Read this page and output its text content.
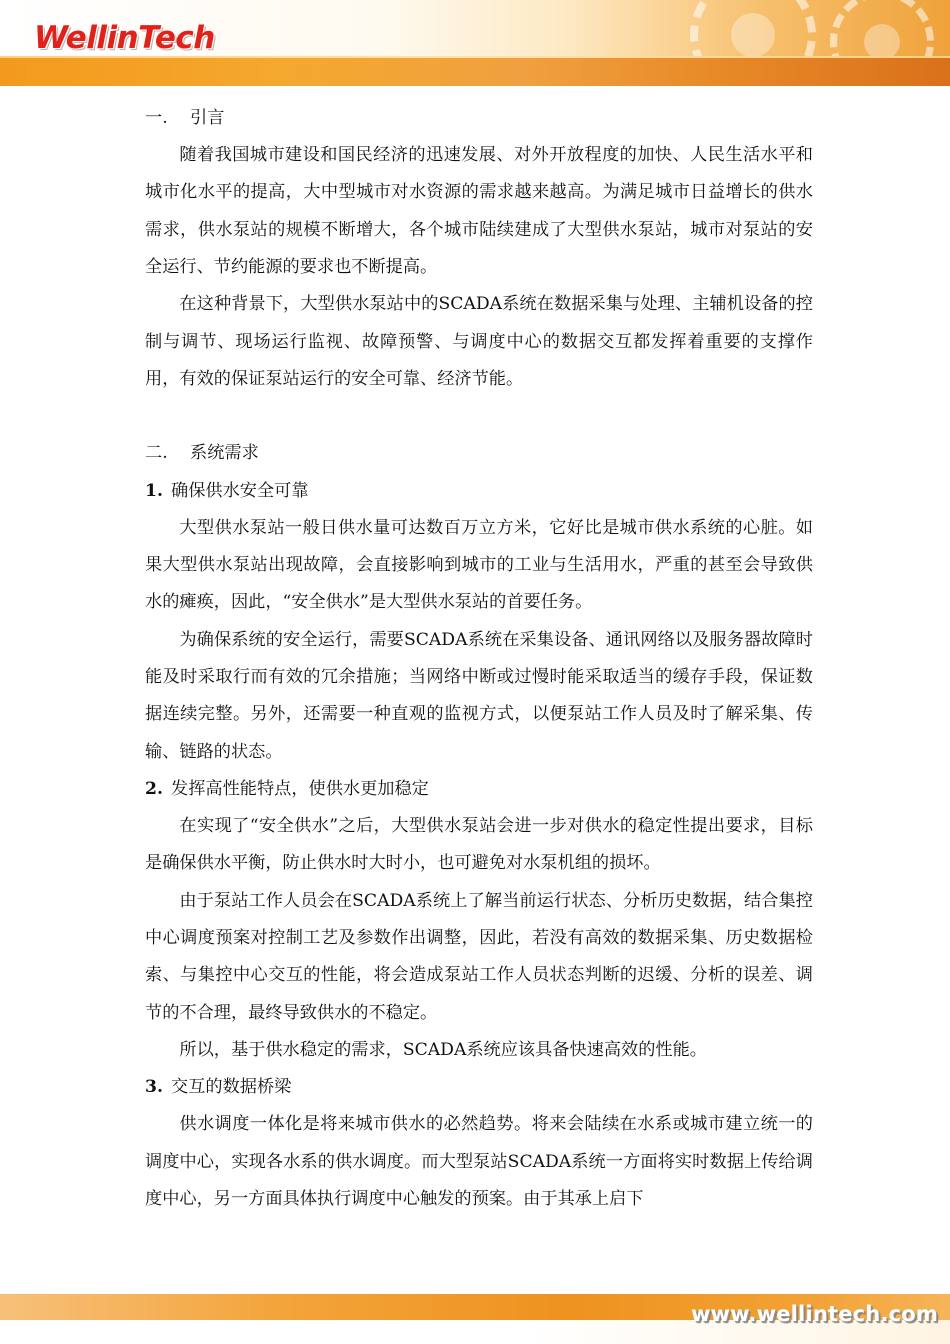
WellinTech
一. 引言

随着我国城市建设和国民经济的迅速发展、对外开放程度的加快、人民生活水平和城市化水平的提高，大中型城市对水资源的需求越来越高。为满足城市日益增长的供水需求，供水泵站的规模不断增大，各个城市陆续建成了大型供水泵站，城市对泵站的安全运行、节约能源的要求也不断提高。

在这种背景下，大型供水泵站中的SCADA系统在数据采集与处理、主辅机设备的控制与调节、现场运行监视、故障预警、与调度中心的数据交互都发挥着重要的支撑作用，有效的保证泵站运行的安全可靠、经济节能。

二. 系统需求
1. 确保供水安全可靠

大型供水泵站一般日供水量可达数百万立方米，它好比是城市供水系统的心脏。如果大型供水泵站出现故障，会直接影响到城市的工业与生活用水，严重的甚至会导致供水的瘫痪，因此，“安全供水”是大型供水泵站的首要任务。

为确保系统的安全运行，需要SCADA系统在采集设备、通讯网络以及服务器故障时能及时采取行而有效的冗余措施；当网络中断或过慢时能采取适当的缓存手段，保证数据连续完整。另外，还需要一种直观的监视方式，以便泵站工作人员及时了解采集、传输、链路的状态。

2. 发挥高性能特点，使供水更加稳定

在实现了“安全供水”之后，大型供水泵站会进一步对供水的稳定性提出要求，目标是确保供水平衡，防止供水时大时小，也可避免对水泵机组的损坏。

由于泵站工作人员会在SCADA系统上了解当前运行状态、分析历史数据，结合集控中心调度预案对控制工艺及参数作出调整，因此，若没有高效的数据采集、历史数据检索、与集控中心交互的性能，将会造成泵站工作人员状态判断的迟缓、分析的误差、调节的不合理，最终导致供水的不稳定。

所以，基于供水稳定的需求，SCADA系统应该具备快速高效的性能。

3. 交互的数据桥梁

供水调度一体化是将来城市供水的必然趋势。将来会陆续在水系或城市建立统一的调度中心，实现各水系的供水调度。而大型泵站SCADA系统一方面将实时数据上传给调度中心，另一方面具体执行调度中心触发的预案。由于其承上启下

www.wellintech.com
